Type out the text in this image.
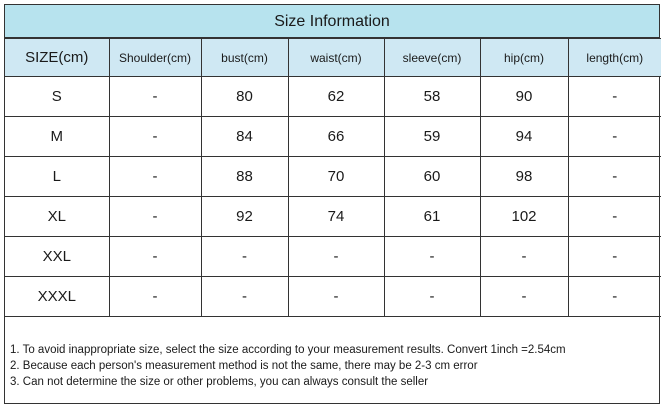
Size Information
SIZE(cm)	Shoulder(cm)	bust(cm)	waist(cm)	sleeve(cm)	hip(cm)	length(cm)
S	-	80	62	58	90	-
M	-	84	66	59	94	-
L	-	88	70	60	98	-
XL	-	92	74	61	102	-
XXL	-	-	-	-	-	-
XXXL	-	-	-	-	-	-
1. To avoid inappropriate size, select the size according to your measurement results. Convert 1inch =2.54cm
2. Because each person's measurement method is not the same, there may be 2-3 cm error
3. Can not determine the size or other problems, you can always consult the seller
